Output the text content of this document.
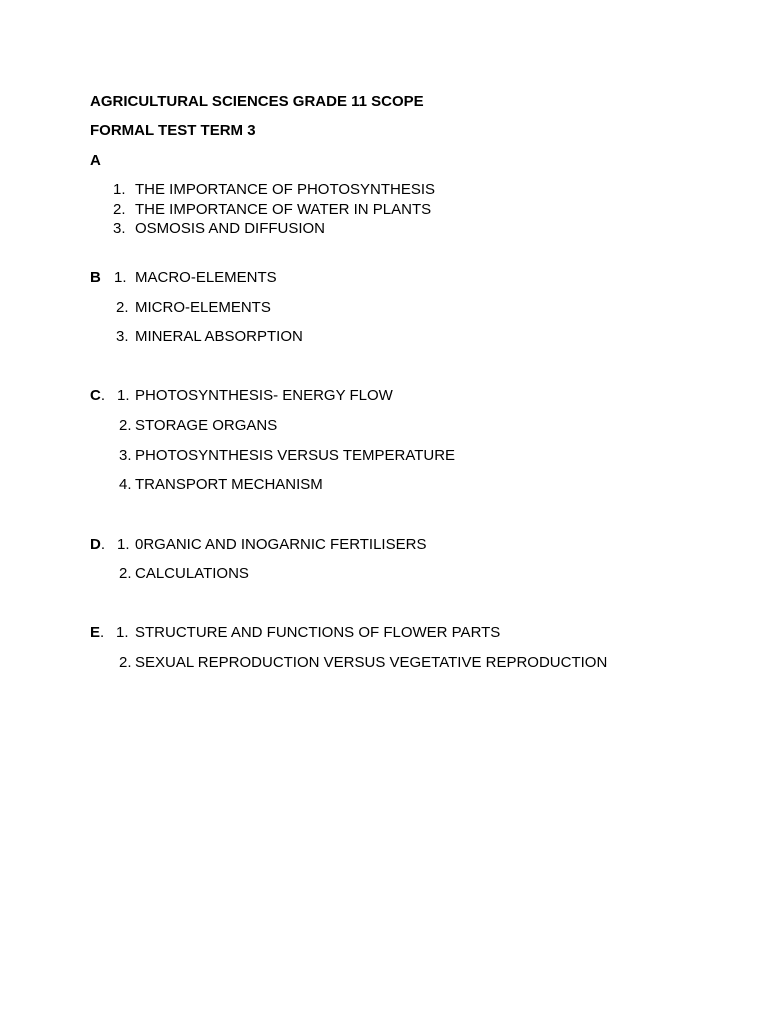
AGRICULTURAL SCIENCES GRADE 11 SCOPE
FORMAL TEST TERM 3
A
1. THE IMPORTANCE OF PHOTOSYNTHESIS
2. THE IMPORTANCE OF WATER IN PLANTS
3. OSMOSIS AND DIFFUSION
B 1. MACRO-ELEMENTS
2. MICRO-ELEMENTS
3. MINERAL ABSORPTION
C. 1. PHOTOSYNTHESIS- ENERGY FLOW
2. STORAGE ORGANS
3. PHOTOSYNTHESIS VERSUS TEMPERATURE
4. TRANSPORT MECHANISM
D. 1. 0RGANIC AND INOGARNIC FERTILISERS
2. CALCULATIONS
E. 1. STRUCTURE AND FUNCTIONS OF FLOWER PARTS
2. SEXUAL REPRODUCTION VERSUS VEGETATIVE REPRODUCTION
